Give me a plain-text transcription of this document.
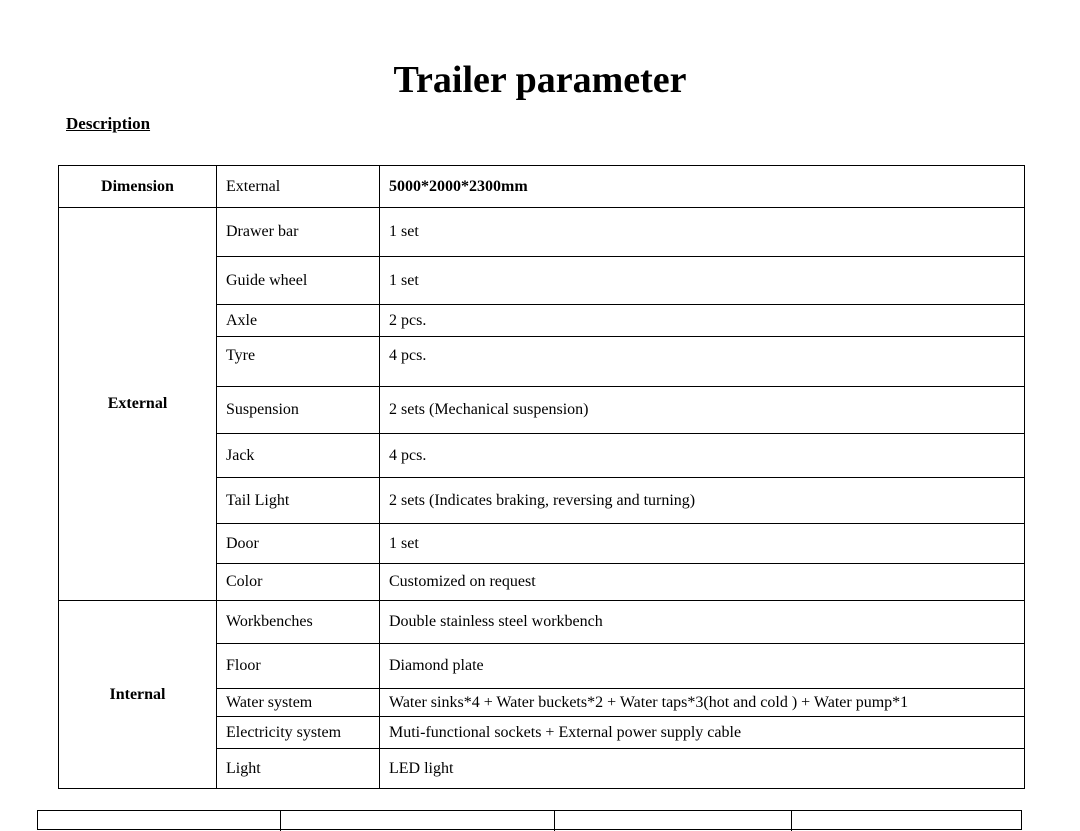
Trailer parameter
Description
Dimension	External	5000*2000*2300mm
External	Drawer bar	1 set
	Guide wheel	1 set
	Axle	2 pcs.
	Tyre	4 pcs.
	Suspension	2 sets (Mechanical suspension)
	Jack	4 pcs.
	Tail Light	2 sets (Indicates braking, reversing and turning)
	Door	1 set
	Color	Customized on request
Internal	Workbenches	Double stainless steel workbench
	Floor	Diamond plate
	Water system	Water sinks*4 + Water buckets*2 + Water taps*3(hot and cold ) + Water pump*1
	Electricity system	Muti-functional sockets + External power supply cable
	Light	LED light
